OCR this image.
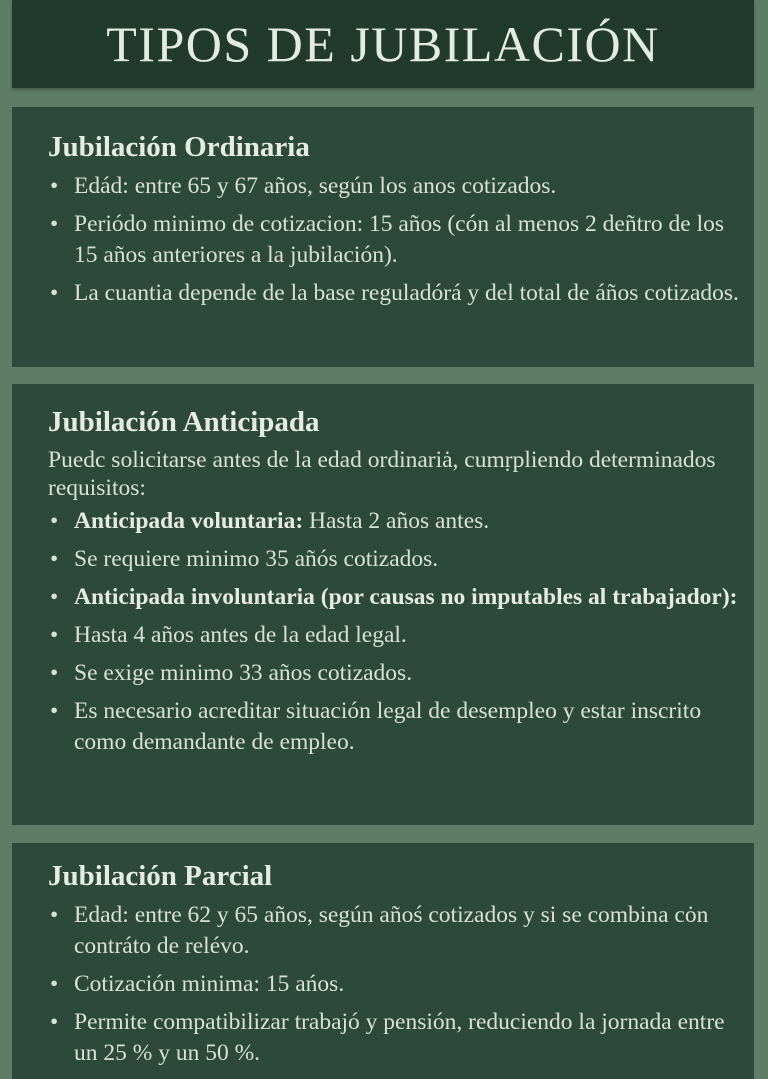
TIPOS DE JUBILACIÓN
Jubilación Ordinaria
• Edád: entre 65 y 67 años, según los anos cotizados.
• Periódo minimo de cotizacion: 15 años (cón al menos 2 deñtro de los 15 años anteriores a la jubilación).
• La cuantia depende de la base reguladórá y del total de áños cotizados.
Jubilación Anticipada

Puedc solicitarse antes de la edad ordinariȧ, cumṛpliendo determinados requisitos:

• Anticipada voluntaria: Hasta 2 años antes.
• Se requiere minimo 35 añós cotizados.
• Anticipada involuntaria (por causas no imputables al trabajador):
• Hasta 4 años antes de la edad legal.
• Se exige minimo 33 años cotizados.
• Es necesario acreditar situación legal de desempleo y estar inscrito como demandante de empleo.
Jubilación Parcial
• Edad: entre 62 y 65 años, según añoś cotizados y si se combina cȯn contráto de relévo.
• Cotización minima: 15 ańos.
• Permite compatibilizar trabajó y pensión, reduciendo la jornada entre un 25 % y un 50 %.
